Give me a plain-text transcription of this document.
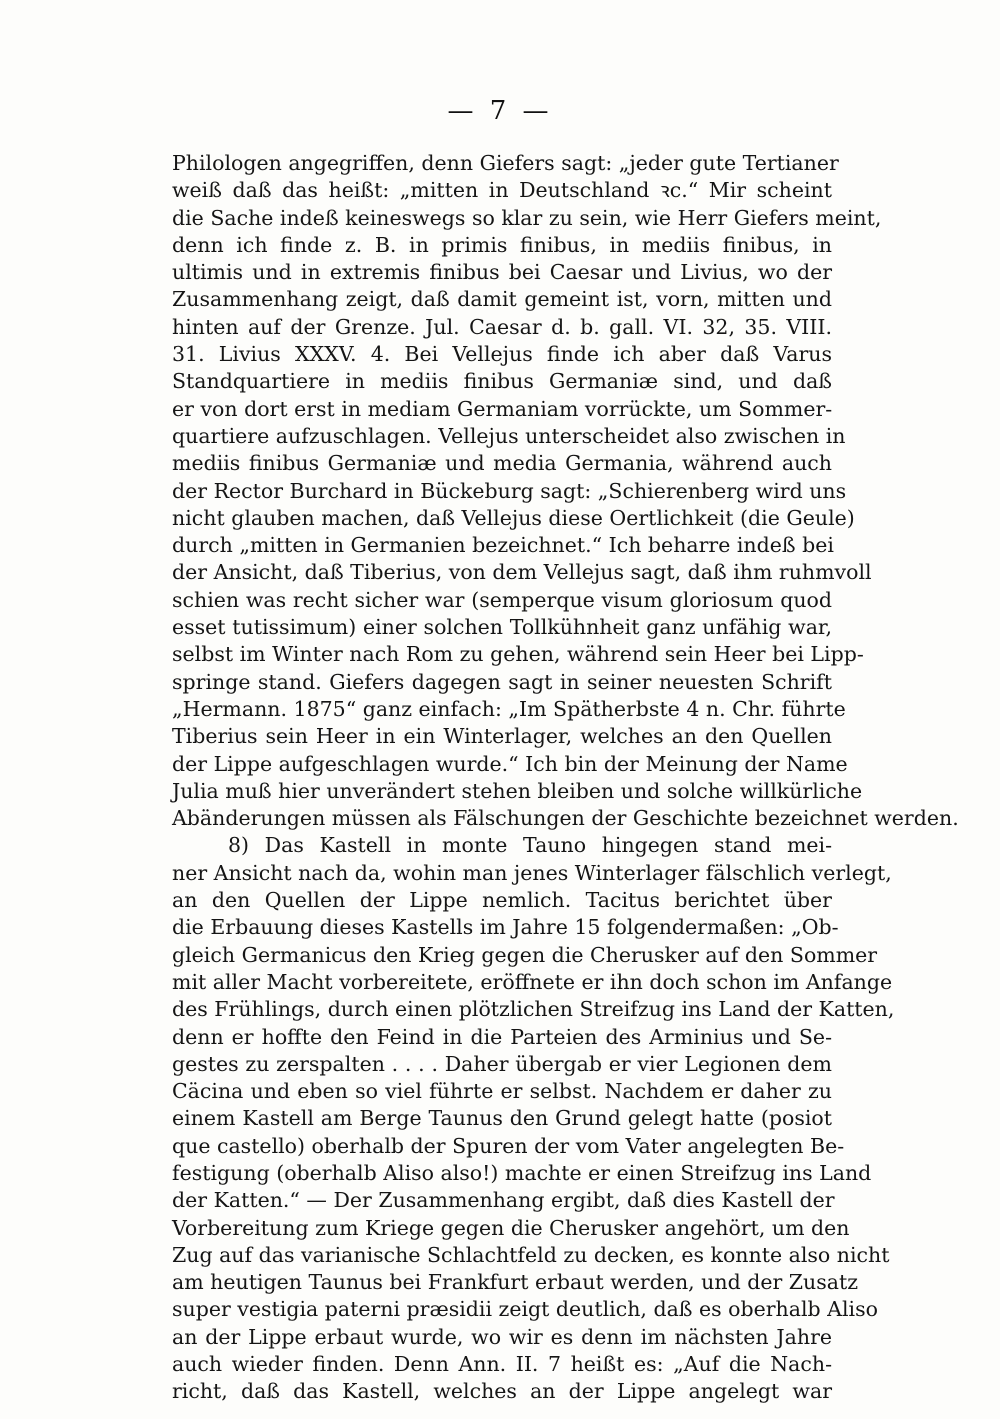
— 7 —
Philologen angegriffen, denn Giefers sagt: „jeder gute Tertianer
weiß daß das heißt: „mitten in Deutschland ꝛc.“ Mir scheint
die Sache indeß keineswegs so klar zu sein, wie Herr Giefers meint,
denn ich finde z. B. in primis finibus, in mediis finibus, in
ultimis und in extremis finibus bei Caesar und Livius, wo der
Zusammenhang zeigt, daß damit gemeint ist, vorn, mitten und
hinten auf der Grenze. Jul. Caesar d. b. gall. VI. 32, 35. VIII.
31. Livius XXXV. 4. Bei Vellejus finde ich aber daß Varus
Standquartiere in mediis finibus Germaniæ sind, und daß
er von dort erst in mediam Germaniam vorrückte, um Sommer-
quartiere aufzuschlagen. Vellejus unterscheidet also zwischen in
mediis finibus Germaniæ und media Germania, während auch
der Rector Burchard in Bückeburg sagt: „Schierenberg wird uns
nicht glauben machen, daß Vellejus diese Oertlichkeit (die Geule)
durch „mitten in Germanien bezeichnet.“ Ich beharre indeß bei
der Ansicht, daß Tiberius, von dem Vellejus sagt, daß ihm ruhmvoll
schien was recht sicher war (semperque visum gloriosum quod
esset tutissimum) einer solchen Tollkühnheit ganz unfähig war,
selbst im Winter nach Rom zu gehen, während sein Heer bei Lipp-
springe stand. Giefers dagegen sagt in seiner neuesten Schrift
„Hermann. 1875“ ganz einfach: „Im Spätherbste 4 n. Chr. führte
Tiberius sein Heer in ein Winterlager, welches an den Quellen
der Lippe aufgeschlagen wurde.“ Ich bin der Meinung der Name
Julia muß hier unverändert stehen bleiben und solche willkürliche
Abänderungen müssen als Fälschungen der Geschichte bezeichnet werden.
8) Das Kastell in monte Tauno hingegen stand mei-
ner Ansicht nach da, wohin man jenes Winterlager fälschlich verlegt,
an den Quellen der Lippe nemlich. Tacitus berichtet über
die Erbauung dieses Kastells im Jahre 15 folgendermaßen: „Ob-
gleich Germanicus den Krieg gegen die Cherusker auf den Sommer
mit aller Macht vorbereitete, eröffnete er ihn doch schon im Anfange
des Frühlings, durch einen plötzlichen Streifzug ins Land der Katten,
denn er hoffte den Feind in die Parteien des Arminius und Se-
gestes zu zerspalten . . . . Daher übergab er vier Legionen dem
Cäcina und eben so viel führte er selbst. Nachdem er daher zu
einem Kastell am Berge Taunus den Grund gelegt hatte (posiot
que castello) oberhalb der Spuren der vom Vater angelegten Be-
festigung (oberhalb Aliso also!) machte er einen Streifzug ins Land
der Katten.“ — Der Zusammenhang ergibt, daß dies Kastell der
Vorbereitung zum Kriege gegen die Cherusker angehört, um den
Zug auf das varianische Schlachtfeld zu decken, es konnte also nicht
am heutigen Taunus bei Frankfurt erbaut werden, und der Zusatz
super vestigia paterni præsidii zeigt deutlich, daß es oberhalb Aliso
an der Lippe erbaut wurde, wo wir es denn im nächsten Jahre
auch wieder finden. Denn Ann. II. 7 heißt es: „Auf die Nach-
richt, daß das Kastell, welches an der Lippe angelegt war
